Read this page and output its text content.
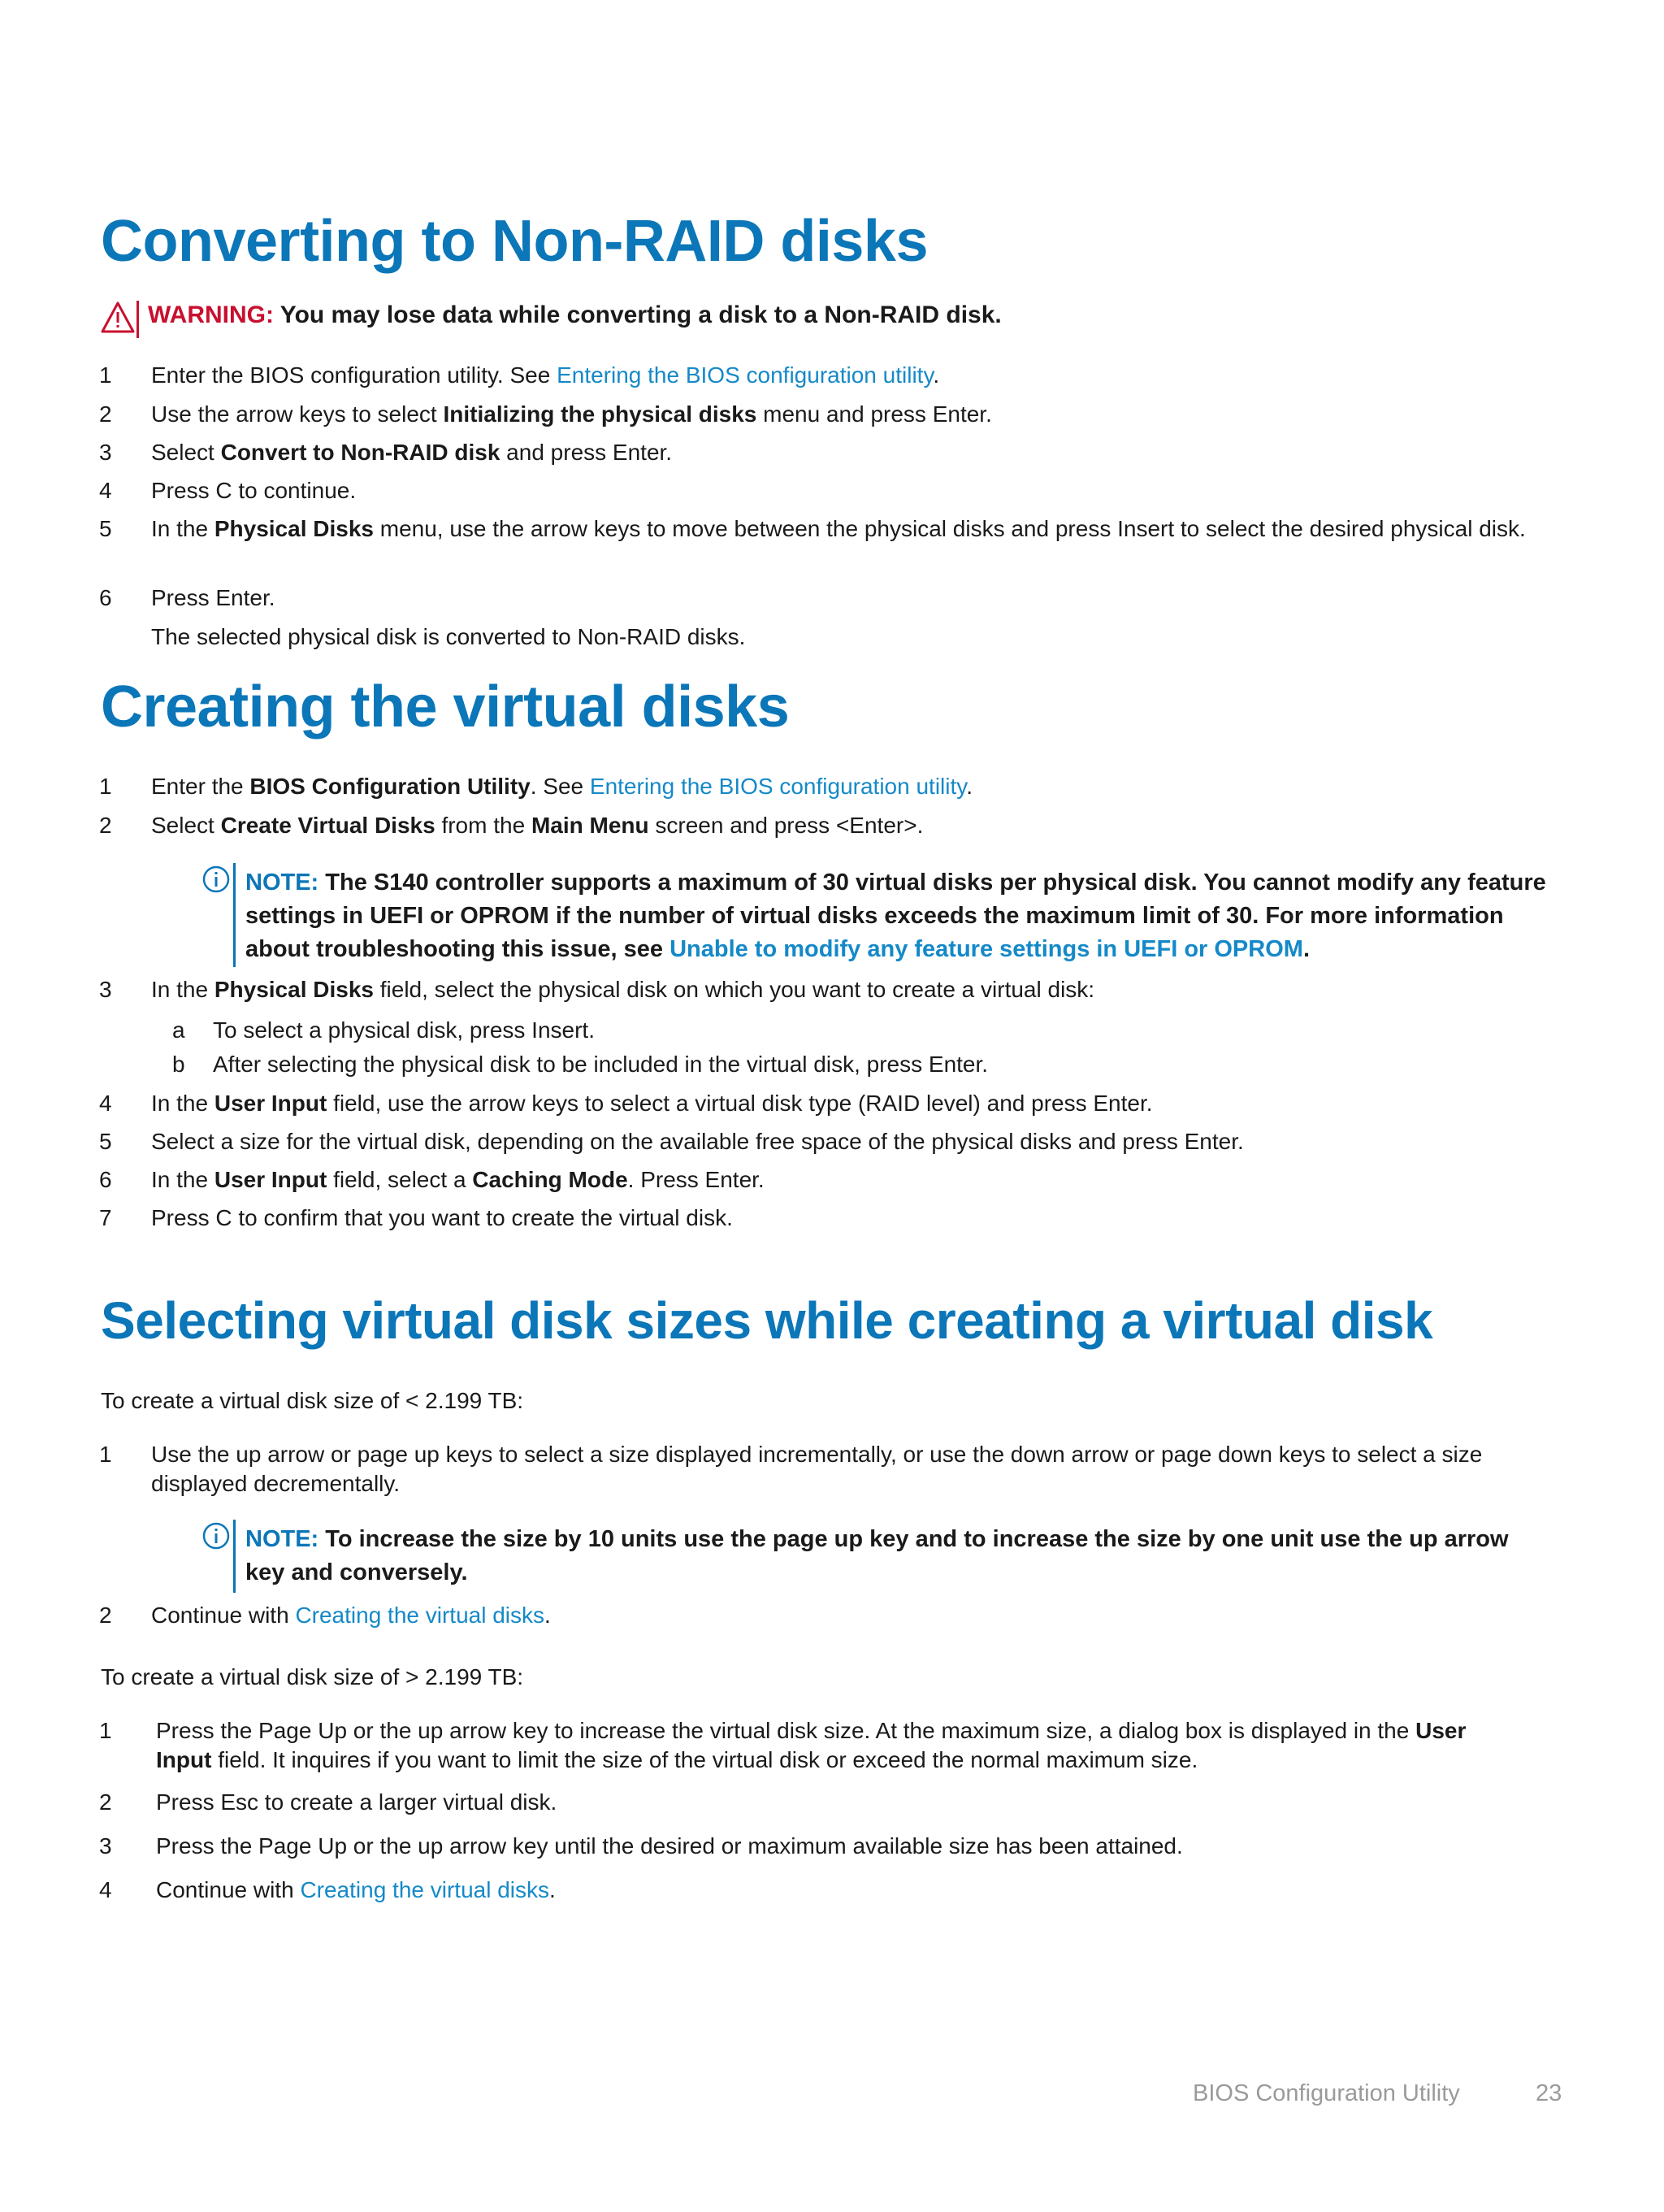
Converting to Non-RAID disks
WARNING: You may lose data while converting a disk to a Non-RAID disk.
1	Enter the BIOS configuration utility. See Entering the BIOS configuration utility.
2	Use the arrow keys to select Initializing the physical disks menu and press Enter.
3	Select Convert to Non-RAID disk and press Enter.
4	Press C to continue.
5	In the Physical Disks menu, use the arrow keys to move between the physical disks and press Insert to select the desired physical disk.
6	Press Enter.
The selected physical disk is converted to Non-RAID disks.
Creating the virtual disks
1	Enter the BIOS Configuration Utility. See Entering the BIOS configuration utility.
2	Select Create Virtual Disks from the Main Menu screen and press <Enter>.
NOTE: The S140 controller supports a maximum of 30 virtual disks per physical disk. You cannot modify any feature settings in UEFI or OPROM if the number of virtual disks exceeds the maximum limit of 30. For more information about troubleshooting this issue, see Unable to modify any feature settings in UEFI or OPROM.
3	In the Physical Disks field, select the physical disk on which you want to create a virtual disk:
a	To select a physical disk, press Insert.
b	After selecting the physical disk to be included in the virtual disk, press Enter.
4	In the User Input field, use the arrow keys to select a virtual disk type (RAID level) and press Enter.
5	Select a size for the virtual disk, depending on the available free space of the physical disks and press Enter.
6	In the User Input field, select a Caching Mode. Press Enter.
7	Press C to confirm that you want to create the virtual disk.
Selecting virtual disk sizes while creating a virtual disk
To create a virtual disk size of < 2.199 TB:
1	Use the up arrow or page up keys to select a size displayed incrementally, or use the down arrow or page down keys to select a size displayed decrementally.
NOTE: To increase the size by 10 units use the page up key and to increase the size by one unit use the up arrow key and conversely.
2	Continue with Creating the virtual disks.
To create a virtual disk size of > 2.199 TB:
1	Press the Page Up or the up arrow key to increase the virtual disk size. At the maximum size, a dialog box is displayed in the User Input field. It inquires if you want to limit the size of the virtual disk or exceed the normal maximum size.
2	Press Esc to create a larger virtual disk.
3	Press the Page Up or the up arrow key until the desired or maximum available size has been attained.
4	Continue with Creating the virtual disks.
BIOS Configuration Utility	23
